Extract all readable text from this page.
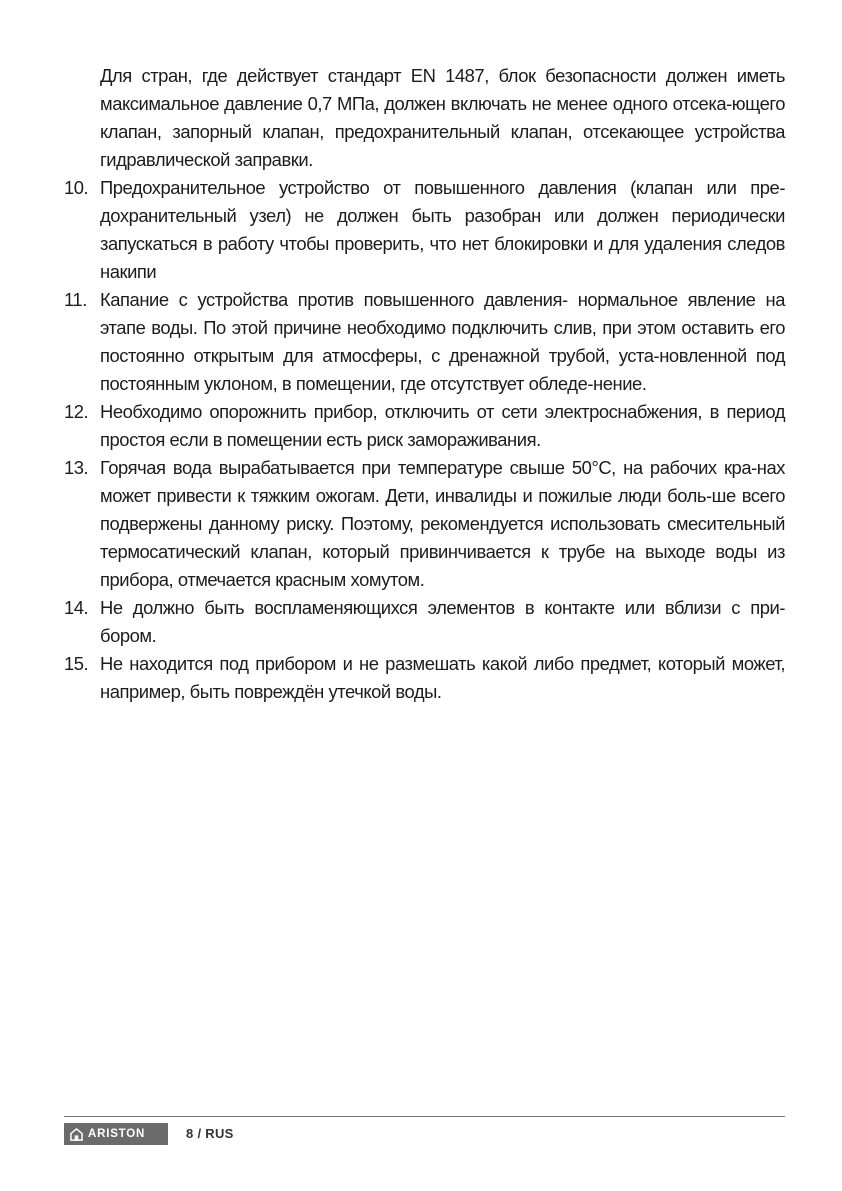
Для стран, где действует стандарт EN 1487, блок безопасности должен иметь максимальное давление 0,7 МПа, должен включать не менее одного отсека-ющего клапан, запорный клапан, предохранительный клапан, отсекающее устройства гидравлической заправки.

10. Предохранительное устройство от повышенного давления (клапан или пре-дохранительный узел) не должен быть разобран или должен периодически запускаться в работу чтобы проверить, что нет блокировки и для удаления следов накипи
11. Капание с устройства против повышенного давления- нормальное явление на этапе воды. По этой причине необходимо подключить слив, при этом оставить его постоянно открытым для атмосферы, с дренажной трубой, уста-новленной под постоянным уклоном, в помещении, где отсутствует обледе-нение.
12. Необходимо опорожнить прибор, отключить от сети электроснабжения, в период простоя если в помещении есть риск замораживания.
13. Горячая вода вырабатывается при температуре свыше 50°С, на рабочих кра-нах может привести к тяжким ожогам. Дети, инвалиды и пожилые люди боль-ше всего подвержены данному риску. Поэтому, рекомендуется использовать смесительный термосатический клапан, который привинчивается к трубе на выходе воды из прибора, отмечается красным хомутом.
14. Не должно быть воспламеняющихся элементов в контакте или вблизи с при-бором.
15. Не находится под прибором и не размешать какой либо предмет, который может, например, быть повреждён утечкой воды.
ARISTON	8 / RUS
